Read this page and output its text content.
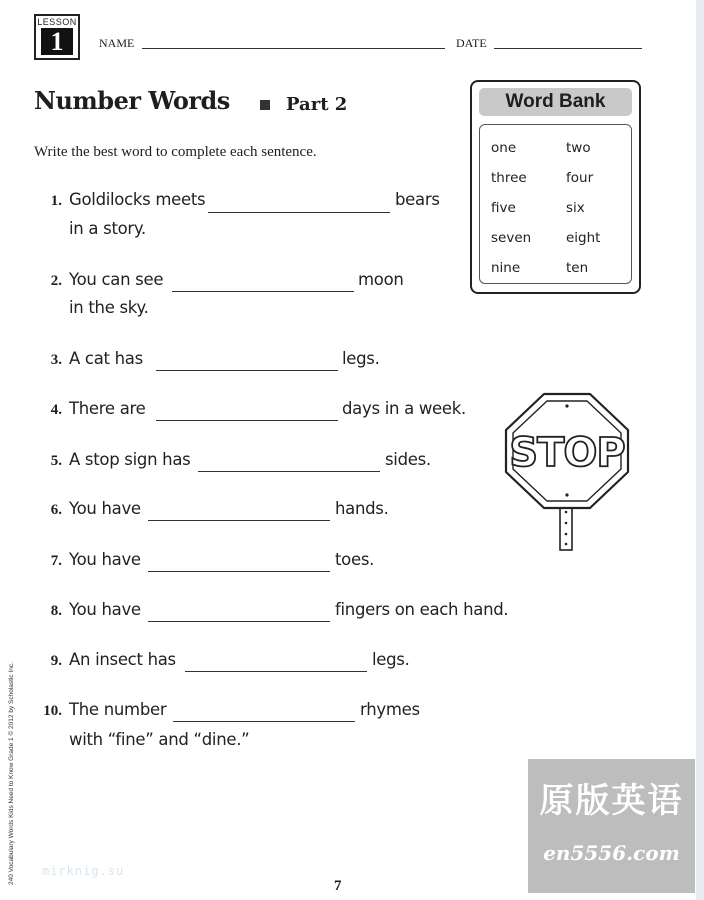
LESSON
1	NAME	DATE
Number Words	Part 2
Write the best word to complete each sentence.
Word Bank
one	two
three	four
five	six
seven	eight
nine	ten
1. Goldilocks meets	bears
in a story.
2. You can see	moon
in the sky.
3. A cat has	legs.
4. There are	days in a week.
5. A stop sign has	sides.
6. You have	hands.
7. You have	toes.
8. You have	fingers on each hand.
9. An insect has	legs.
10. The number	rhymes
with “fine” and “dine.”
STOP
240 Vocabulary Words Kids Need to Know Grade 1 © 2012 by Scholastic Inc. mirknig.su
7
原版英语
en5556.com
